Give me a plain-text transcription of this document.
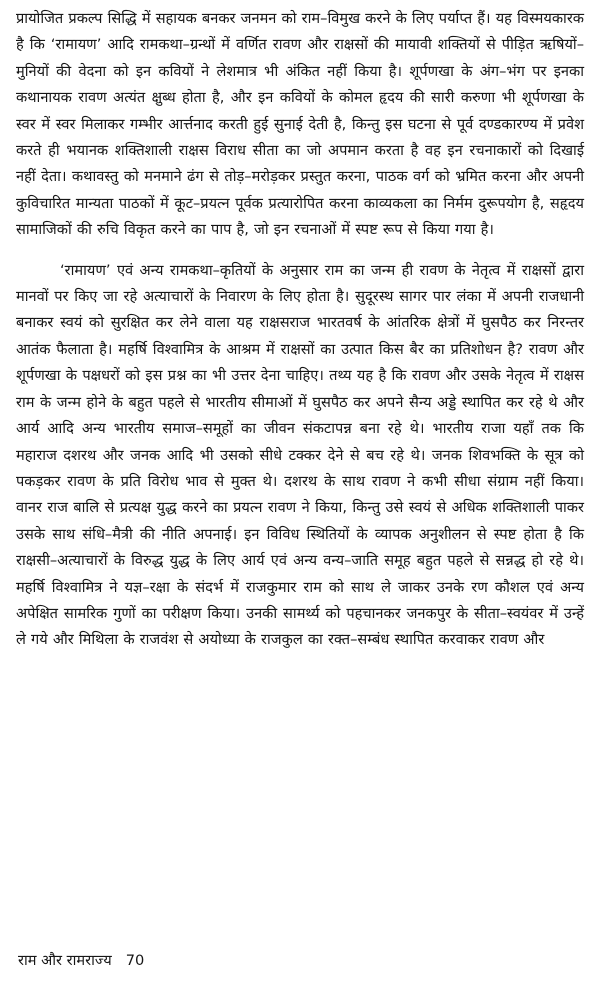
प्रायोजित प्रकल्प सिद्धि में सहायक बनकर जनमन को राम–विमुख करने के लिए पर्याप्त हैं। यह विस्मयकारक है कि ‘रामायण’ आदि रामकथा–ग्रन्थों में वर्णित रावण और राक्षसों की मायावी शक्तियों से पीड़ित ऋषियों–मुनियों की वेदना को इन कवियों ने लेशमात्र भी अंकित नहीं किया है। शूर्पणखा के अंग–भंग पर इनका कथानायक रावण अत्यंत क्षुब्ध होता है, और इन कवियों के कोमल हृदय की सारी करुणा भी शूर्पणखा के स्वर में स्वर मिलाकर गम्भीर आर्त्तनाद करती हुई सुनाई देती है, किन्तु इस घटना से पूर्व दण्डकारण्य में प्रवेश करते ही भयानक शक्तिशाली राक्षस विराध सीता का जो अपमान करता है वह इन रचनाकारों को दिखाई नहीं देता। कथावस्तु को मनमाने ढंग से तोड़–मरोड़कर प्रस्तुत करना, पाठक वर्ग को भ्रमित करना और अपनी कुविचारित मान्यता पाठकों में कूट–प्रयत्न पूर्वक प्रत्यारोपित करना काव्यकला का निर्मम दुरूपयोग है, सहृदय सामाजिकों की रुचि विकृत करने का पाप है, जो इन रचनाओं में स्पष्ट रूप से किया गया है।

‘रामायण’ एवं अन्य रामकथा–कृतियों के अनुसार राम का जन्म ही रावण के नेतृत्व में राक्षसों द्वारा मानवों पर किए जा रहे अत्याचारों के निवारण के लिए होता है। सुदूरस्थ सागर पार लंका में अपनी राजधानी बनाकर स्वयं को सुरक्षित कर लेने वाला यह राक्षसराज भारतवर्ष के आंतरिक क्षेत्रों में घुसपैठ कर निरन्तर आतंक फैलाता है। महर्षि विश्वामित्र के आश्रम में राक्षसों का उत्पात किस बैर का प्रतिशोधन है? रावण और शूर्पणखा के पक्षधरों को इस प्रश्न का भी उत्तर देना चाहिए। तथ्य यह है कि रावण और उसके नेतृत्व में राक्षस राम के जन्म होने के बहुत पहले से भारतीय सीमाओं में घुसपैठ कर अपने सैन्य अड्डे स्थापित कर रहे थे और आर्य आदि अन्य भारतीय समाज–समूहों का जीवन संकटापन्न बना रहे थे। भारतीय राजा यहाँ तक कि महाराज दशरथ और जनक आदि भी उसको सीधे टक्कर देने से बच रहे थे। जनक शिवभक्ति के सूत्र को पकड़कर रावण के प्रति विरोध भाव से मुक्त थे। दशरथ के साथ रावण ने कभी सीधा संग्राम नहीं किया। वानर राज बालि से प्रत्यक्ष युद्ध करने का प्रयत्न रावण ने किया, किन्तु उसे स्वयं से अधिक शक्तिशाली पाकर उसके साथ संधि–मैत्री की नीति अपनाई। इन विविध स्थितियों के व्यापक अनुशीलन से स्पष्ट होता है कि राक्षसी–अत्याचारों के विरुद्ध युद्ध के लिए आर्य एवं अन्य वन्य–जाति समूह बहुत पहले से सन्नद्ध हो रहे थे। महर्षि विश्वामित्र ने यज्ञ–रक्षा के संदर्भ में राजकुमार राम को साथ ले जाकर उनके रण कौशल एवं अन्य अपेक्षित सामरिक गुणों का परीक्षण किया। उनकी सामर्थ्य को पहचानकर जनकपुर के सीता–स्वयंवर में उन्हें ले गये और मिथिला के राजवंश से अयोध्या के राजकुल का रक्त–सम्बंध स्थापित करवाकर रावण और

राम और रामराज्य 70
